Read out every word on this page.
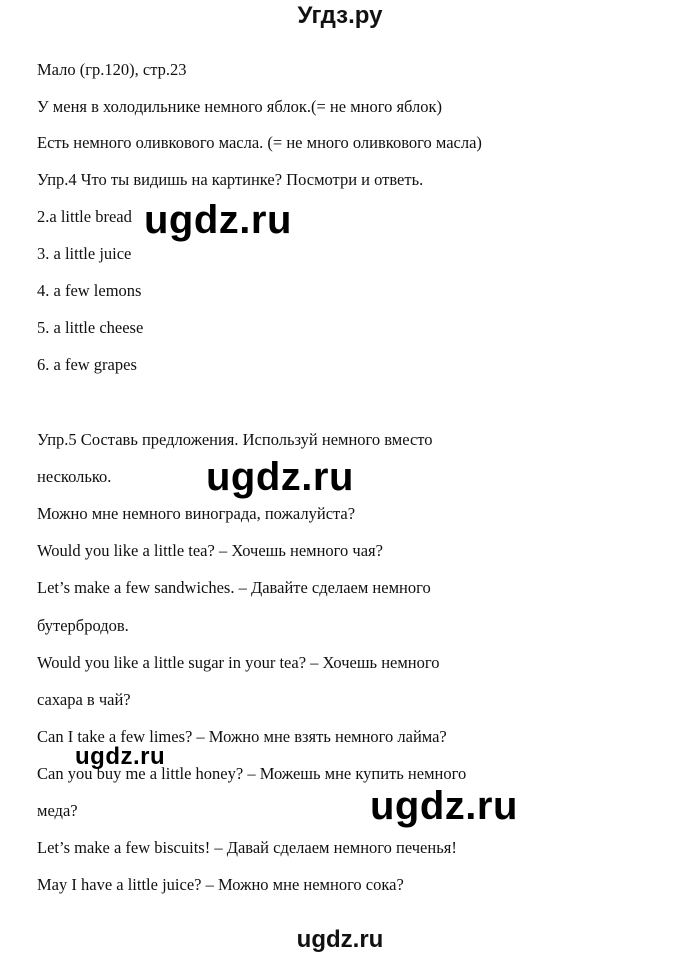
Угдз.ру
Мало (гр.120), стр.23
У меня в холодильнике немного яблок.(= не много яблок)
Есть немного оливкового масла. (= не много оливкового масла)
Упр.4 Что ты видишь на картинке? Посмотри и ответь.
2.a little bread
3. a little juice
4. a few lemons
5. a little cheese
6. a few grapes
Упр.5 Составь предложения. Используй немного вместо
несколько.
Можно мне немного винограда, пожалуйста?
Would you like a little tea? – Хочешь немного чая?
Let’s make a few sandwiches. – Давайте сделаем немного
бутербродов.
Would you like a little sugar in your tea? – Хочешь немного
сахара в чай?
Can I take a few limes? – Можно мне взять немного лайма?
Can you buy me a little honey? – Можешь мне купить немного
меда?
Let’s make a few biscuits! – Давай сделаем немного печенья!
May I have a little juice? – Можно мне немного сока?
ugdz.ru
ugdz.ru
ugdz.ru
ugdz.ru
ugdz.ru
